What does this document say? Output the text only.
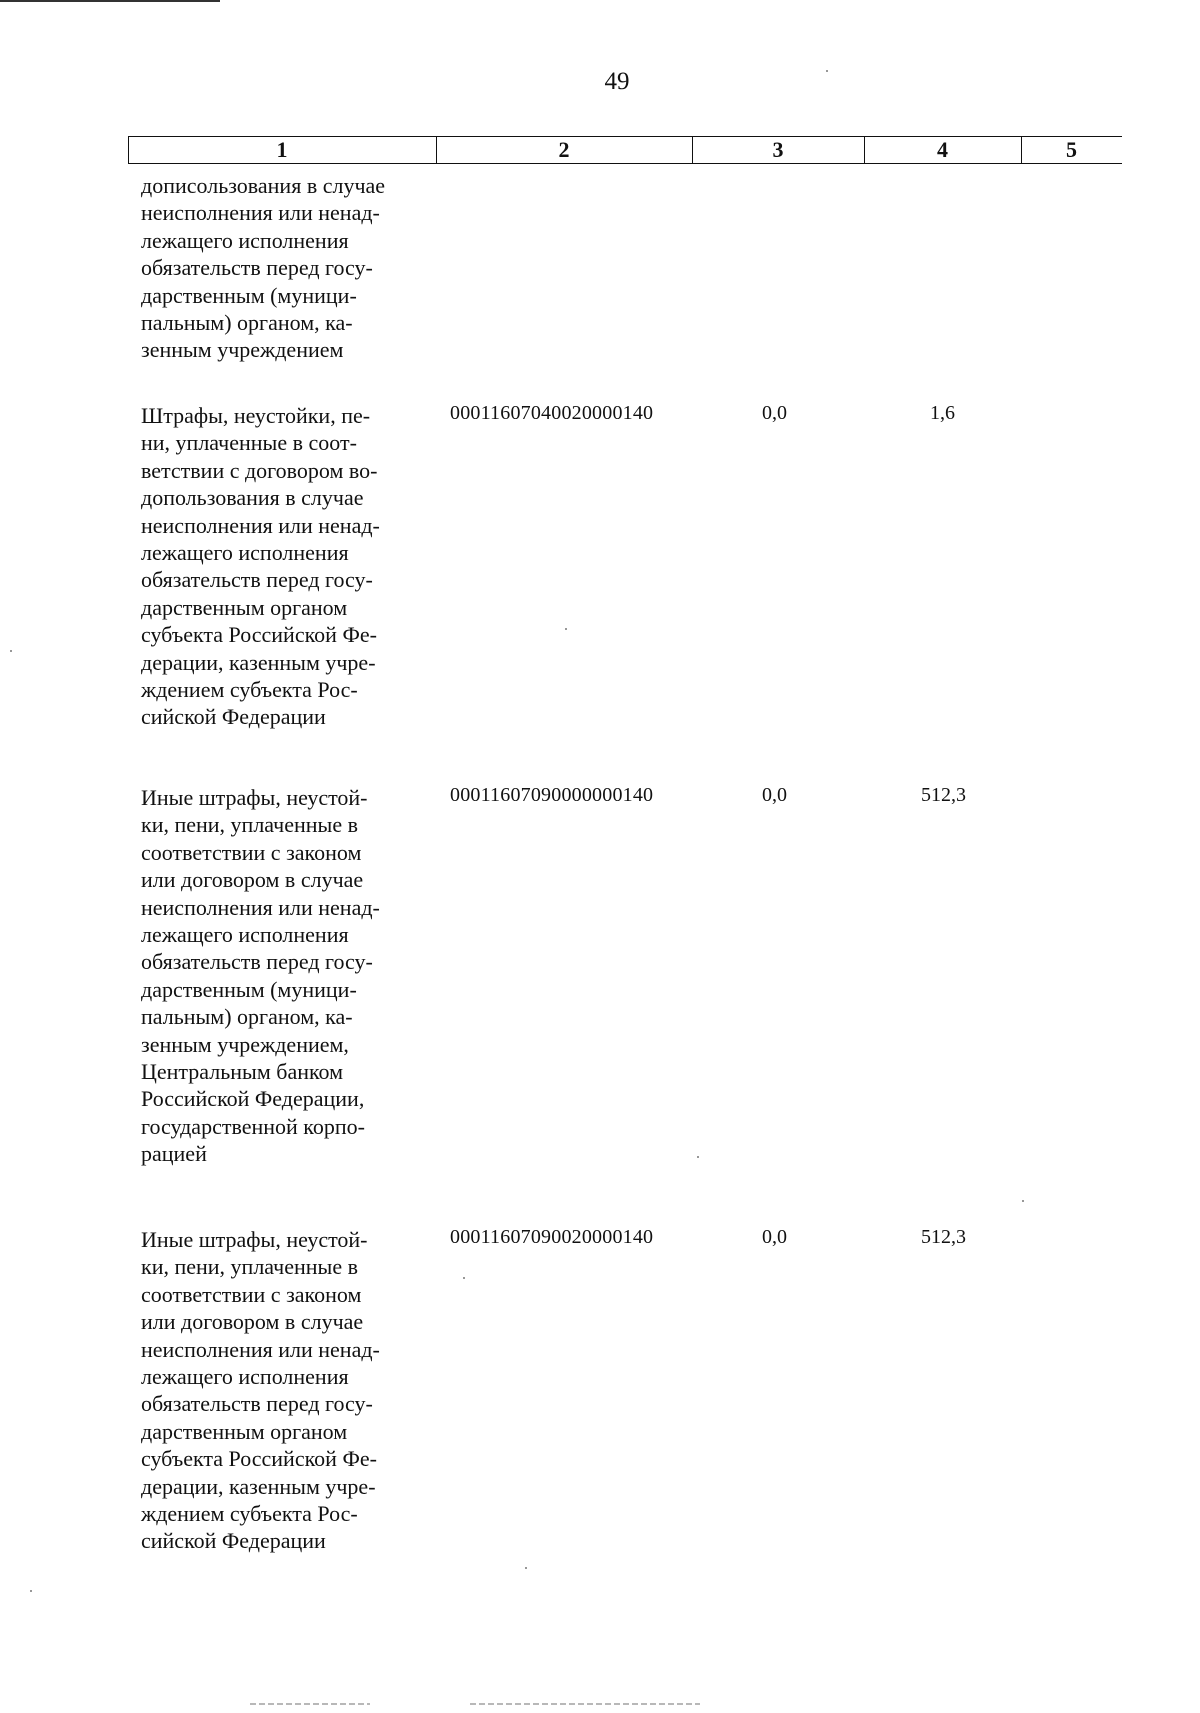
49
1	2	3	4	5
дописользования в случае
неисполнения или ненад-
лежащего исполнения
обязательств перед госу-
дарственным (муници-
пальным) органом, ка-
зенным учреждением
Штрафы, неустойки, пе-
ни, уплаченные в соот-
ветствии с договором во-
допользования в случае
неисполнения или ненад-
лежащего исполнения
обязательств перед госу-
дарственным органом
субъекта Российской Фе-
дерации, казенным учре-
ждением субъекта Рос-
сийской Федерации
00011607040020000140	0,0	1,6
Иные штрафы, неустой-
ки, пени, уплаченные в
соответствии с законом
или договором в случае
неисполнения или ненад-
лежащего исполнения
обязательств перед госу-
дарственным (муници-
пальным) органом, ка-
зенным учреждением,
Центральным банком
Российской Федерации,
государственной корпо-
рацией
00011607090000000140	0,0	512,3
Иные штрафы, неустой-
ки, пени, уплаченные в
соответствии с законом
или договором в случае
неисполнения или ненад-
лежащего исполнения
обязательств перед госу-
дарственным органом
субъекта Российской Фе-
дерации, казенным учре-
ждением субъекта Рос-
сийской Федерации
00011607090020000140	0,0	512,3
